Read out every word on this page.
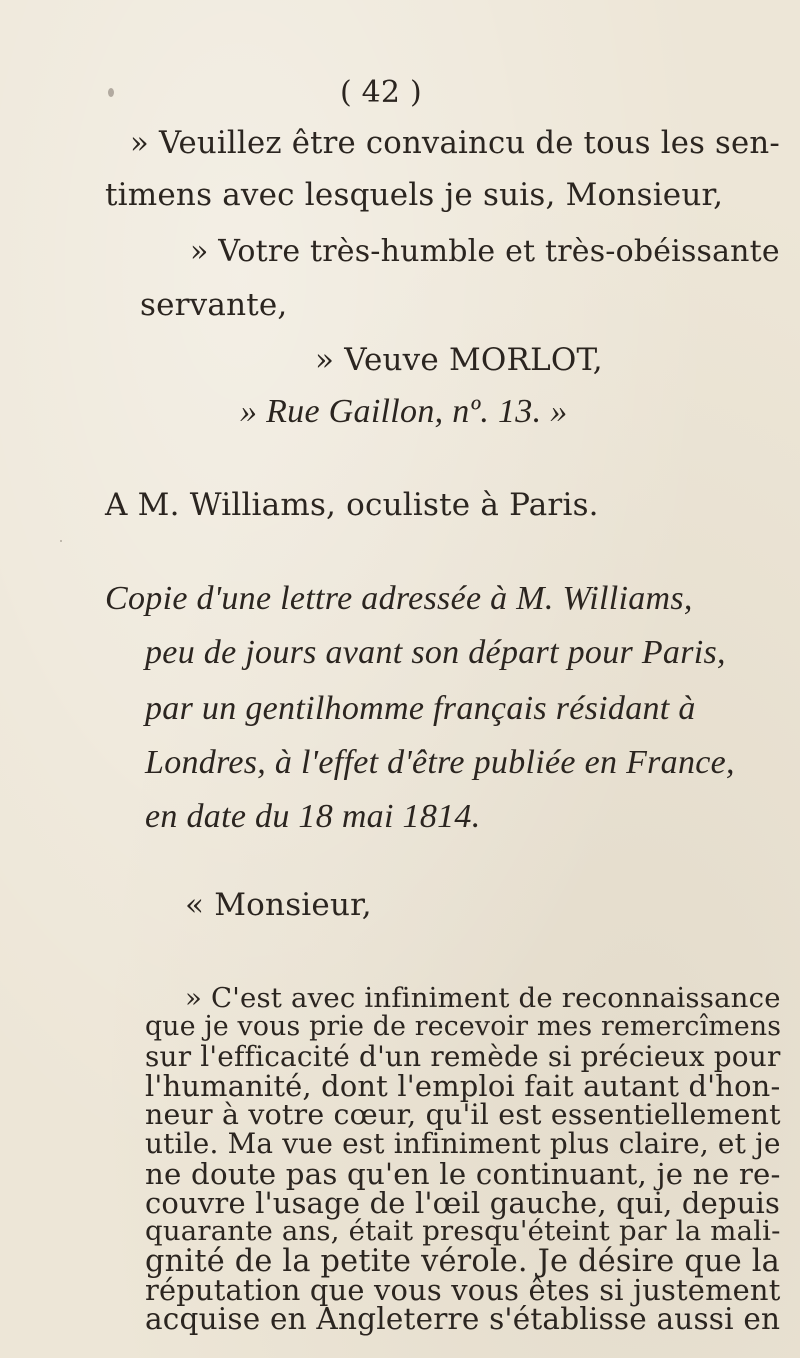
( 42 )
» Veuillez être convaincu de tous les sen-
timens avec lesquels je suis, Monsieur,
» Votre très-humble et très-obéissante
servante,
» Veuve MORLOT,
» Rue Gaillon, nº. 13. »
A M. Williams, oculiste à Paris.
Copie d'une lettre adressée à M. Williams,
peu de jours avant son départ pour Paris,
par un gentilhomme français résidant à
Londres, à l'effet d'être publiée en France,
en date du 18 mai 1814.
« Monsieur,
» C'est avec infiniment de reconnaissance
que je vous prie de recevoir mes remercîmens
sur l'efficacité d'un remède si précieux pour
l'humanité, dont l'emploi fait autant d'hon-
neur à votre cœur, qu'il est essentiellement
utile. Ma vue est infiniment plus claire, et je
ne doute pas qu'en le continuant, je ne re-
couvre l'usage de l'œil gauche, qui, depuis
quarante ans, était presqu'éteint par la mali-
gnité de la petite vérole. Je désire que la
réputation que vous vous êtes si justement
acquise en Angleterre s'établisse aussi en
